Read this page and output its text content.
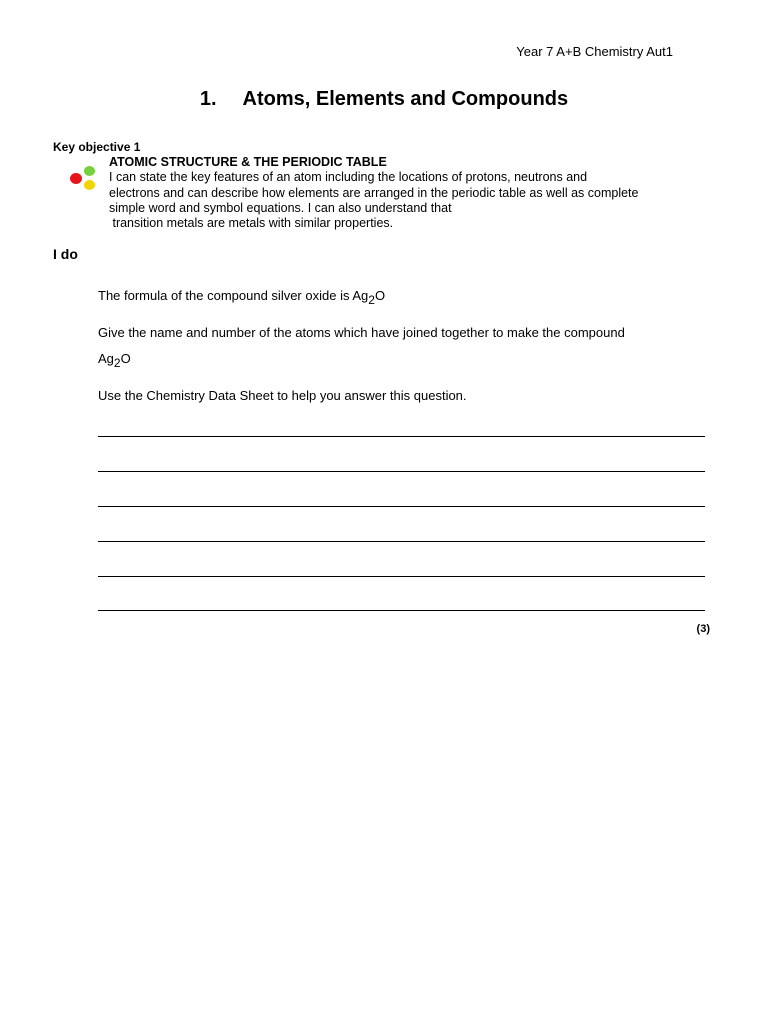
Year 7 A+B Chemistry Aut1
1. Atoms, Elements and Compounds
Key objective 1
ATOMIC STRUCTURE & THE PERIODIC TABLE

I can state the key features of an atom including the locations of protons, neutrons and

electrons and can describe how elements are arranged in the periodic table as well as complete

simple word and symbol equations. I can also understand that

transition metals are metals with similar properties.

I do
The formula of the compound silver oxide is $Ag_2O$
Give the name and number of the atoms which have joined together to make the compound
$Ag_2O$
Use the Chemistry Data Sheet to help you answer this question.
(3)
